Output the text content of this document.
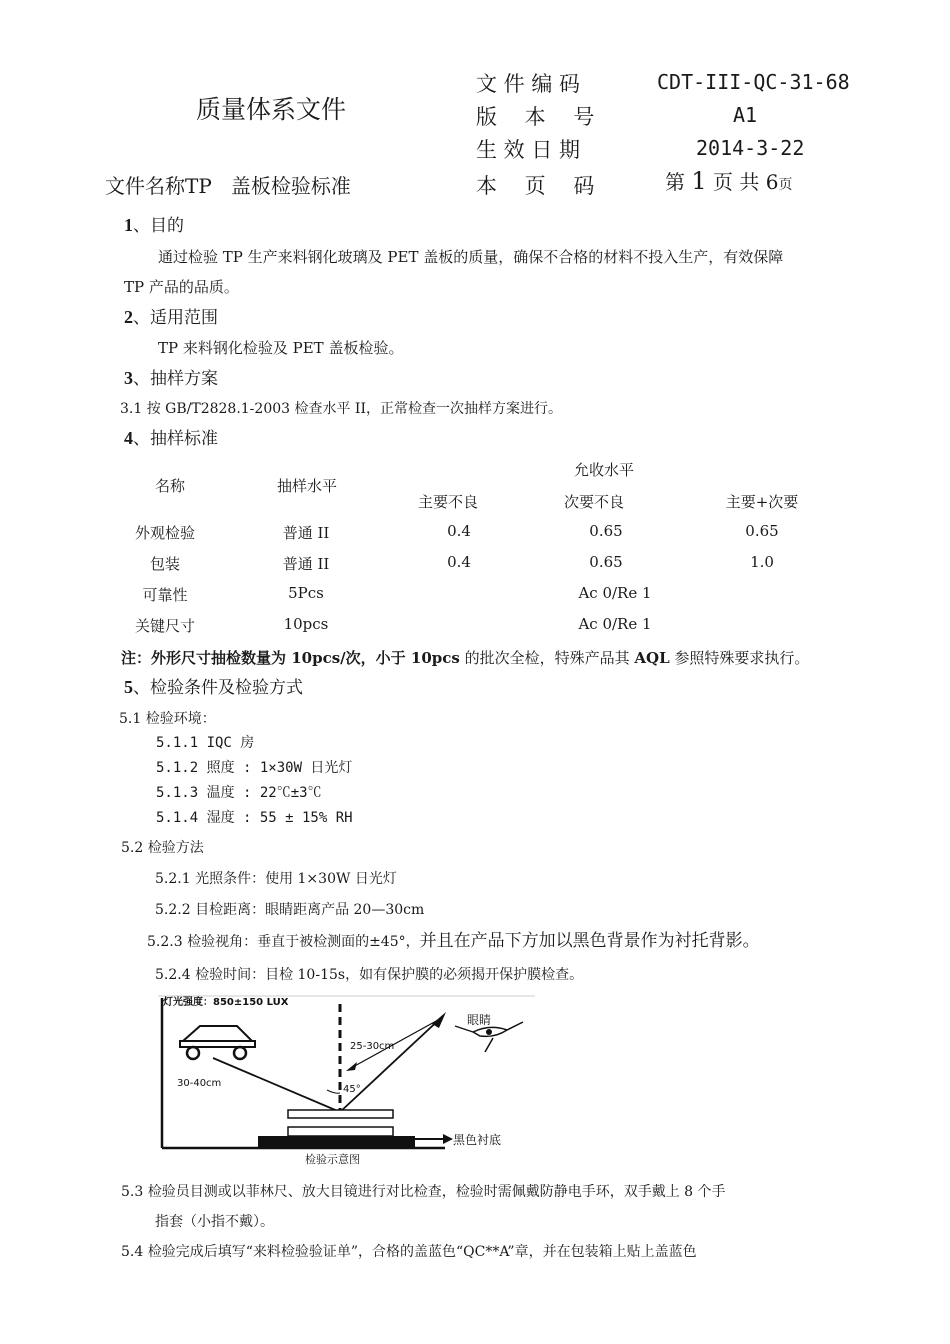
质量体系文件
文件名称TP   盖板检验标准
文 件 编 码	CDT-III-QC-31-68
版　 本　 号	A1
生 效 日 期	2014-3-22
本　 页　 码	第 1 页 共 6页
1、目的
通过检验 TP 生产来料钢化玻璃及 PET 盖板的质量，确保不合格的材料不投入生产，有效保障
TP 产品的品质。
2、适用范围
TP 来料钢化检验及 PET 盖板检验。
3、抽样方案
3.1 按 GB/T2828.1-2003 检查水平 II，正常检查一次抽样方案进行。
4、抽样标准
名称	抽样水平
允收水平
主要不良	次要不良	主要+次要
外观检验	普通 II	0.4	0.65	0.65
包装	普通 II	0.4	0.65	1.0
可靠性	5Pcs	Ac 0/Re 1
关键尺寸	10pcs	Ac 0/Re 1
注：外形尺寸抽检数量为 10pcs/次，小于 10pcs 的批次全检，特殊产品其 AQL 参照特殊要求执行。
5、检验条件及检验方式
5.1 检验环境：
5.1.1 IQC 房
5.1.2 照度 : 1×30W 日光灯
5.1.3 温度 : 22℃±3℃
5.1.4 湿度 : 55 ± 15% RH
5.2 检验方法
5.2.1 光照条件：使用 1×30W 日光灯
5.2.2 目检距离：眼睛距离产品 20—30cm
5.2.3 检验视角：垂直于被检测面的±45°，并且在产品下方加以黑色背景作为衬托背影。
5.2.4 检验时间：目检 10-15s，如有保护膜的必须揭开保护膜检查。
灯光强度：850±150 LUX
30-40cm
25-30cm
45°
眼睛
黑色衬底
检验示意图
5.3 检验员目测或以菲林尺、放大目镜进行对比检查，检验时需佩戴防静电手环，双手戴上 8 个手
指套（小指不戴）。
5.4 检验完成后填写“来料检验验证单”，合格的盖蓝色“QC**A”章，并在包装箱上贴上盖蓝色
